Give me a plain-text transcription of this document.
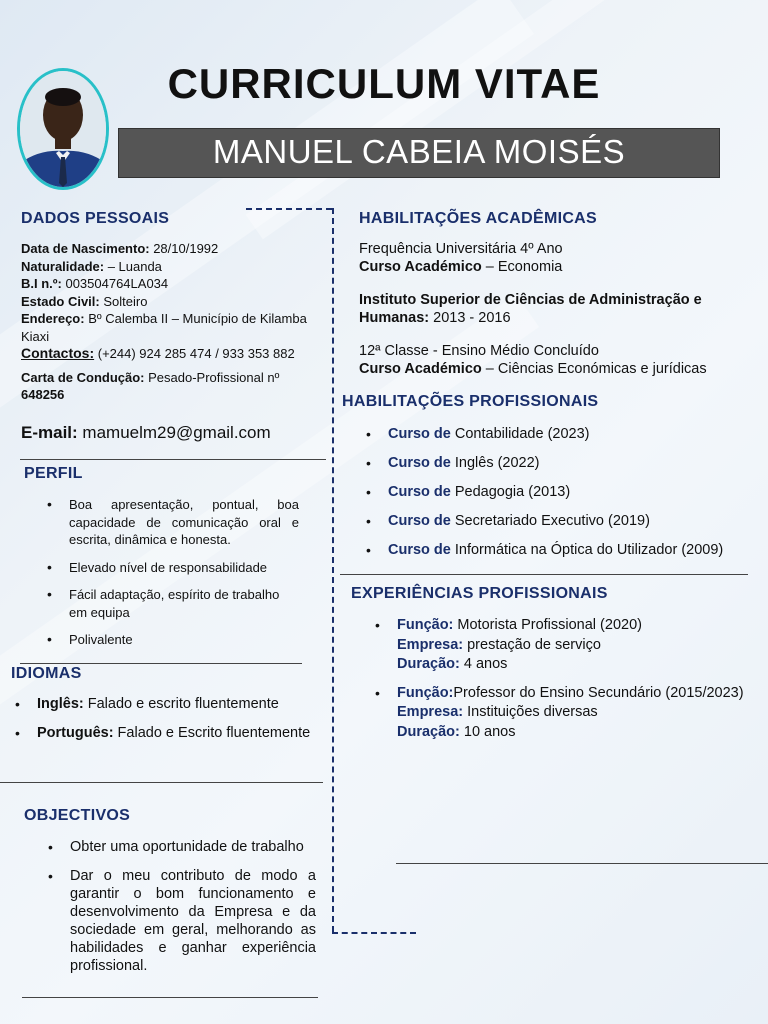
CURRICULUM VITAE
MANUEL CABEIA MOISÉS
DADOS PESSOAIS
Data de Nascimento: 28/10/1992
Naturalidade: – Luanda
B.I n.º: 003504764LA034
Estado Civil: Solteiro
Endereço: Bº Calemba II – Município de Kilamba Kiaxi
Contactos: (+244) 924 285 474 / 933 353 882
Carta de Condução: Pesado-Profissional nº
648256
E-mail: mamuelm29@gmail.com
PERFIL
• Boa apresentação, pontual, boa capacidade de comunicação oral e escrita, dinâmica e honesta.
• Elevado nível de responsabilidade
• Fácil adaptação, espírito de trabalho em equipa
• Polivalente
IDIOMAS
• Inglês: Falado e escrito fluentemente
• Português: Falado e Escrito fluentemente
OBJECTIVOS
• Obter uma oportunidade de trabalho
• Dar o meu contributo de modo a garantir o bom funcionamento e desenvolvimento da Empresa e da sociedade em geral, melhorando as habilidades e ganhar experiência profissional.
HABILITAÇÕES ACADÊMICAS
Frequência Universitária 4º Ano
Curso Académico – Economia
Instituto Superior de Ciências de Administração e Humanas: 2013 - 2016
12ª Classe - Ensino Médio Concluído
Curso Académico – Ciências Económicas e jurídicas
HABILITAÇÕES PROFISSIONAIS
• Curso de Contabilidade (2023)
• Curso de Inglês (2022)
• Curso de Pedagogia (2013)
• Curso de Secretariado Executivo (2019)
• Curso de Informática na Óptica do Utilizador (2009)
EXPERIÊNCIAS PROFISSIONAIS
• Função: Motorista Profissional (2020)
Empresa: prestação de serviço
Duração: 4 anos
• Função:Professor do Ensino Secundário (2015/2023)
Empresa: Instituições diversas
Duração: 10 anos
